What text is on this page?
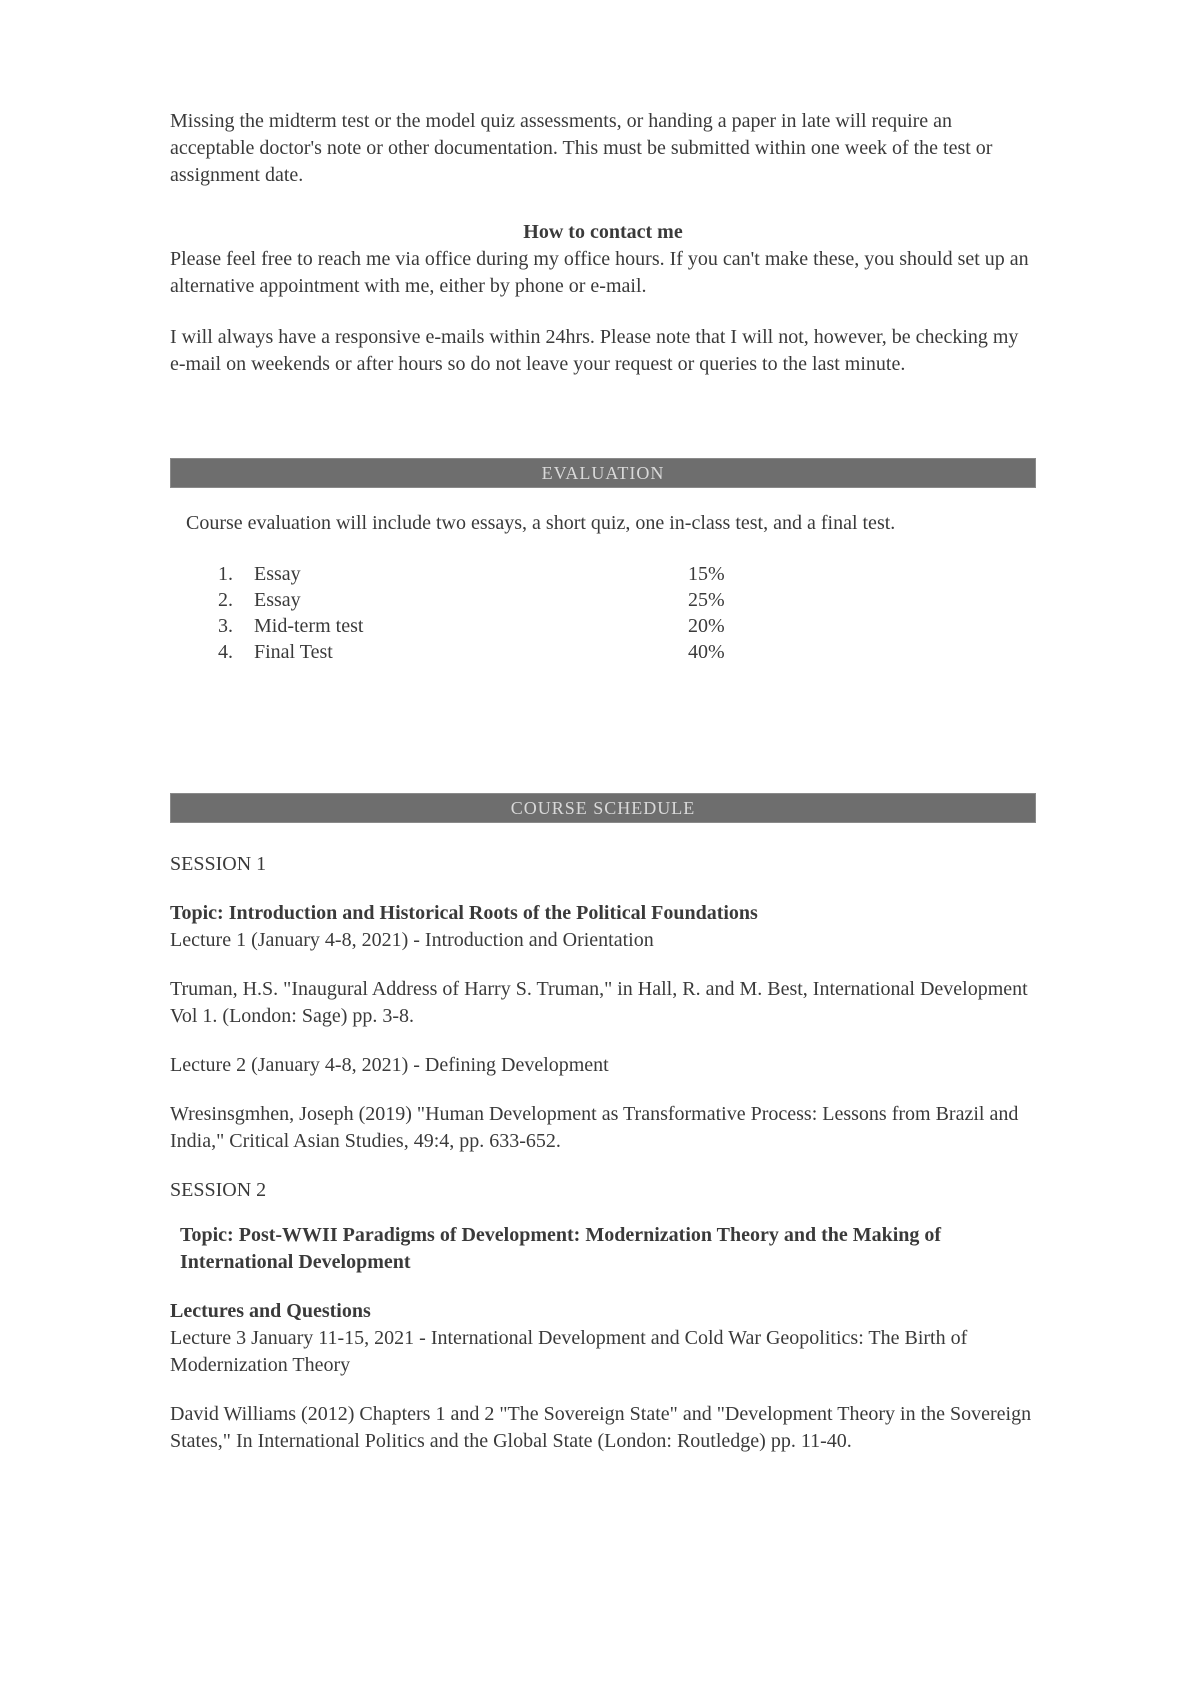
Missing the midterm test or the model quiz assessments, or handing a paper in late will require an acceptable doctor's note or other documentation. This must be submitted within one week of the test or assignment date.

How to contact me

Please feel free to reach me via office during my office hours. If you can't make these, you should set up an alternative appointment with me, either by phone or e-mail.

I will always have a responsive e-mails within 24hrs. Please note that I will not, however, be checking my e-mail on weekends or after hours so do not leave your request or queries to the last minute.

EVALUATION

Course evaluation will include two essays, a short quiz, one in-class test, and a final test.

1.	Essay	15%
2.	Essay	25%
3.	Mid-term test	20%
4.	Final Test	40%
COURSE SCHEDULE

SESSION 1

Topic: Introduction and Historical Roots of the Political Foundations

Lecture 1 (January 4-8, 2021) - Introduction and Orientation

Truman, H.S. "Inaugural Address of Harry S. Truman," in Hall, R. and M. Best, International Development Vol 1. (London: Sage) pp. 3-8.

Lecture 2 (January 4-8, 2021) - Defining Development

Wresinsgmhen, Joseph (2019) "Human Development as Transformative Process: Lessons from Brazil and India," Critical Asian Studies, 49:4, pp. 633-652.

SESSION 2

Topic: Post-WWII Paradigms of Development: Modernization Theory and the Making of International Development

Lectures and Questions

Lecture 3 January 11-15, 2021 - International Development and Cold War Geopolitics: The Birth of Modernization Theory

David Williams (2012) Chapters 1 and 2 "The Sovereign State" and "Development Theory in the Sovereign States," In International Politics and the Global State (London: Routledge) pp. 11-40.
